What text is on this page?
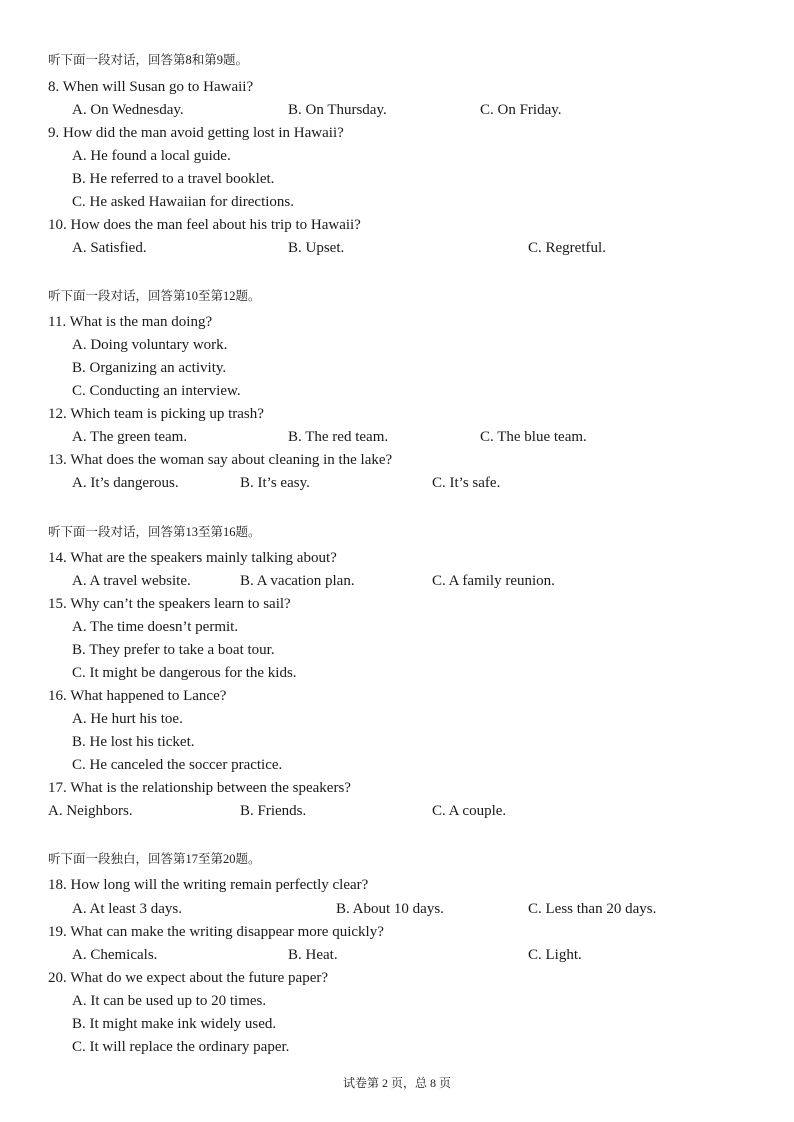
听下面一段对话，回答第8和第9题。
8. When will Susan go to Hawaii?
A. On Wednesday.	B. On Thursday.	C. On Friday.
9. How did the man avoid getting lost in Hawaii?
A. He found a local guide.
B. He referred to a travel booklet.
C. He asked Hawaiian for directions.
10. How does the man feel about his trip to Hawaii?
A. Satisfied.	B. Upset.	C. Regretful.
听下面一段对话，回答第10至第12题。
11. What is the man doing?
A. Doing voluntary work.
B. Organizing an activity.
C. Conducting an interview.
12. Which team is picking up trash?
A. The green team.	B. The red team.	C. The blue team.
13. What does the woman say about cleaning in the lake?
A. It’s dangerous.	B. It’s easy.	C. It’s safe.
听下面一段对话，回答第13至第16题。
14. What are the speakers mainly talking about?
A. A travel website.	B. A vacation plan.	C. A family reunion.
15. Why can’t the speakers learn to sail?
A. The time doesn’t permit.
B. They prefer to take a boat tour.
C. It might be dangerous for the kids.
16. What happened to Lance?
A. He hurt his toe.
B. He lost his ticket.
C. He canceled the soccer practice.
17. What is the relationship between the speakers?
A. Neighbors.	B. Friends.	C. A couple.
听下面一段独白，回答第17至第20题。
18. How long will the writing remain perfectly clear?
A. At least 3 days.	B. About 10 days.	C. Less than 20 days.
19. What can make the writing disappear more quickly?
A. Chemicals.	B. Heat.	C. Light.
20. What do we expect about the future paper?
A. It can be used up to 20 times.
B. It might make ink widely used.
C. It will replace the ordinary paper.
试卷第 2 页，总 8 页
